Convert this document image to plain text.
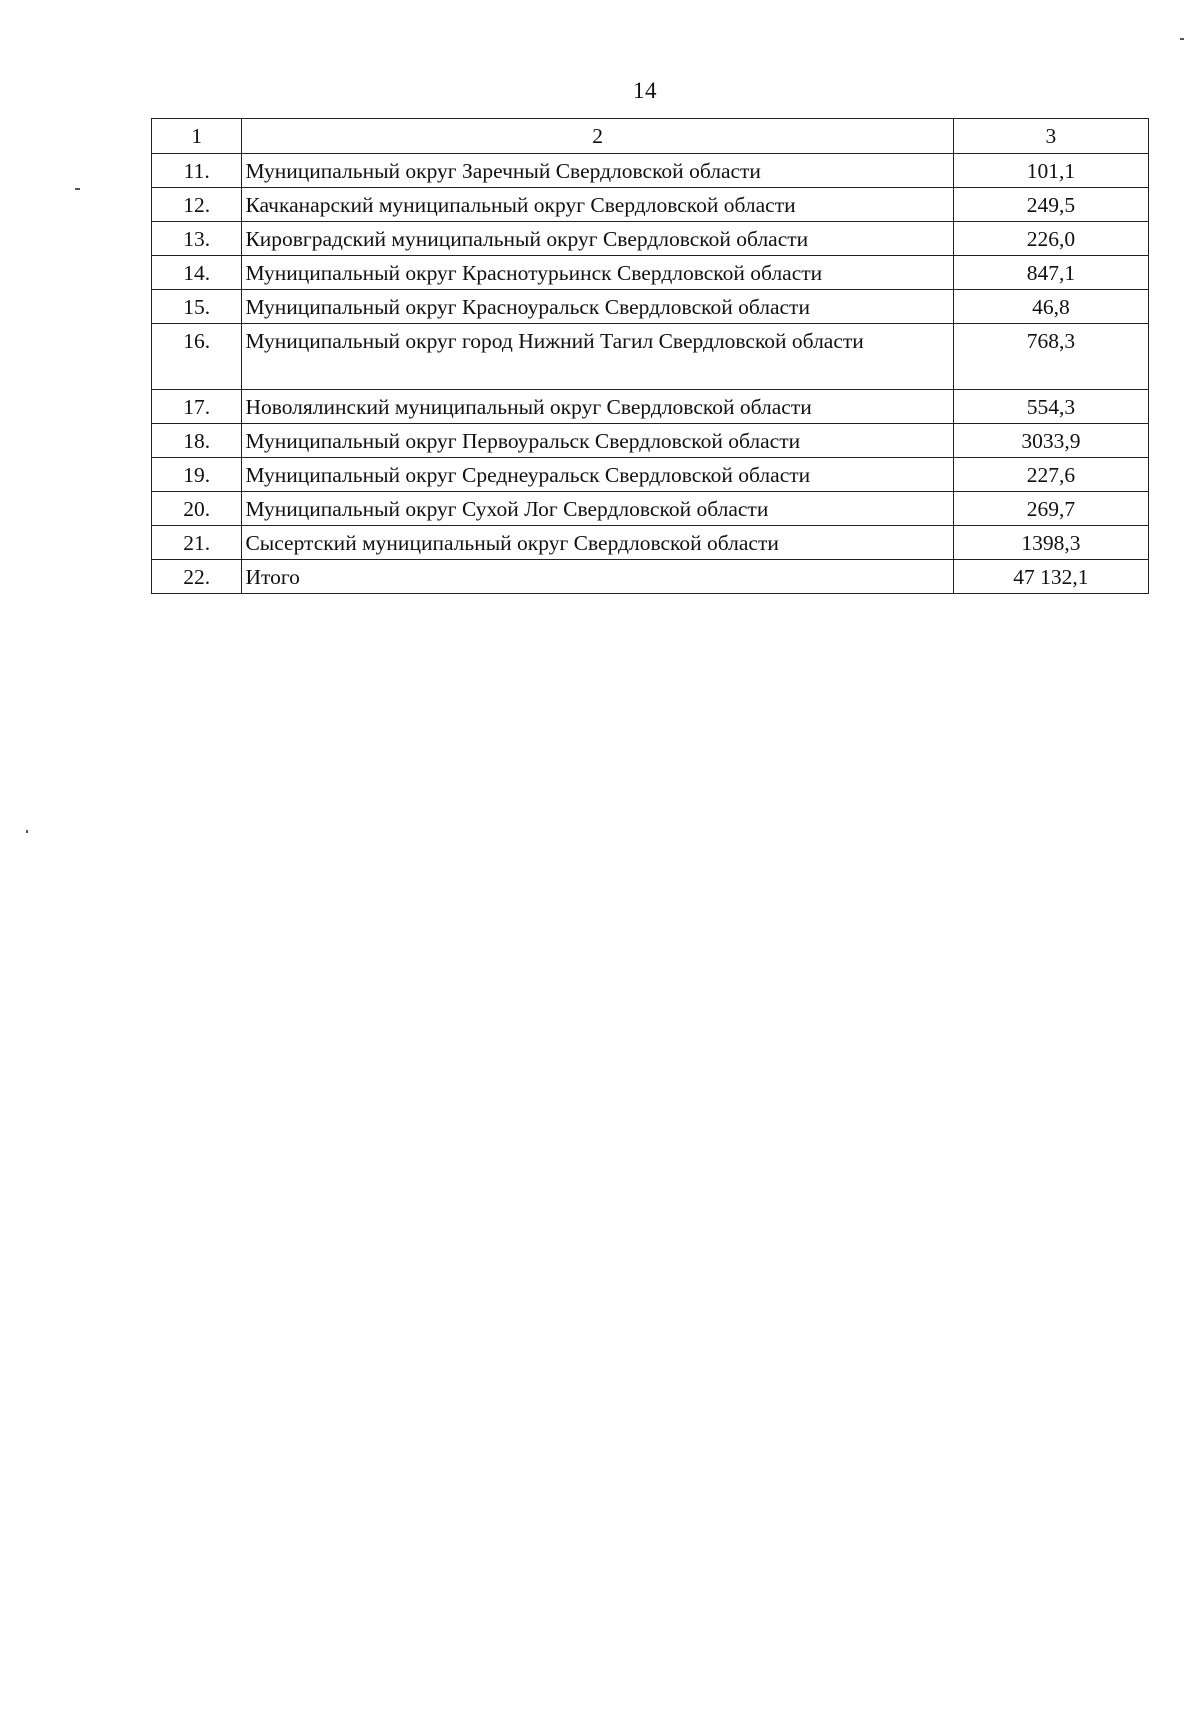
14
1	2	3
11.	Муниципальный округ Заречный Свердловской области	101,1
12.	Качканарский муниципальный округ Свердловской области	249,5
13.	Кировградский муниципальный округ Свердловской области	226,0
14.	Муниципальный округ Краснотурьинск Свердловской области	847,1
15.	Муниципальный округ Красноуральск Свердловской области	46,8
16.	Муниципальный округ город Нижний Тагил Свердловской области	768,3
17.	Новолялинский муниципальный округ Свердловской области	554,3
18.	Муниципальный округ Первоуральск Свердловской области	3033,9
19.	Муниципальный округ Среднеуральск Свердловской области	227,6
20.	Муниципальный округ Сухой Лог Свердловской области	269,7
21.	Сысертский муниципальный округ Свердловской области	1398,3
22.	Итого	47 132,1
